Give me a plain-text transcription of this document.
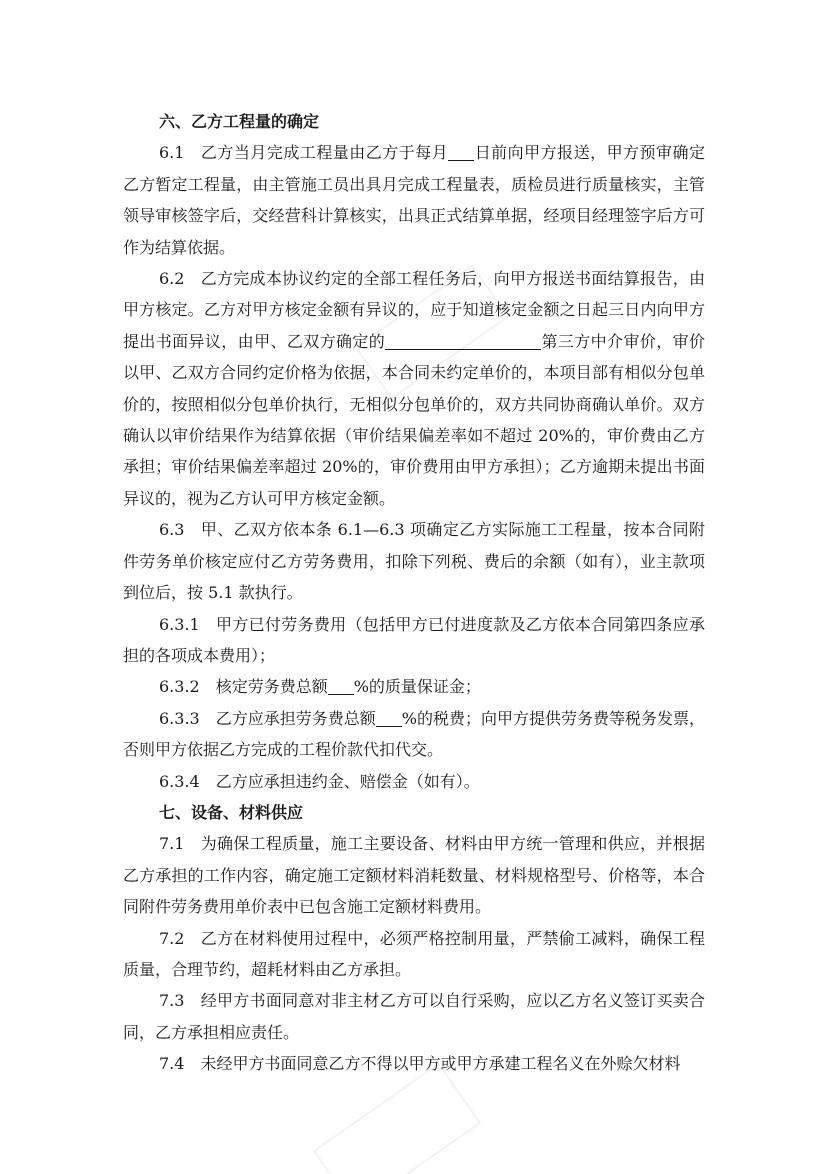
六、乙方工程量的确定

6.1 乙方当月完成工程量由乙方于每月 日前向甲方报送，甲方预审确定乙方暂定工程量，由主管施工员出具月完成工程量表，质检员进行质量核实，主管领导审核签字后，交经营科计算核实，出具正式结算单据，经项目经理签字后方可作为结算依据。

6.2 乙方完成本协议约定的全部工程任务后，向甲方报送书面结算报告，由甲方核定。乙方对甲方核定金额有异议的，应于知道核定金额之日起三日内向甲方提出书面异议，由甲、乙双方确定的	第三方中介审价，审价以甲、乙双方合同约定价格为依据，本合同未约定单价的，本项目部有相似分包单价的，按照相似分包单价执行，无相似分包单价的，双方共同协商确认单价。双方确认以审价结果作为结算依据（审价结果偏差率如不超过 20%的，审价费由乙方承担；审价结果偏差率超过 20%的，审价费用由甲方承担）；乙方逾期未提出书面异议的，视为乙方认可甲方核定金额。

6.3 甲、乙双方依本条 6.1—6.3 项确定乙方实际施工工程量，按本合同附件劳务单价核定应付乙方劳务费用，扣除下列税、费后的余额（如有），业主款项到位后，按 5.1 款执行。

6.3.1 甲方已付劳务费用（包括甲方已付进度款及乙方依本合同第四条应承担的各项成本费用）；

6.3.2 核定劳务费总额 %的质量保证金；

6.3.3 乙方应承担劳务费总额 %的税费；向甲方提供劳务费等税务发票，否则甲方依据乙方完成的工程价款代扣代交。

6.3.4 乙方应承担违约金、赔偿金（如有）。

七、设备、材料供应

7.1 为确保工程质量，施工主要设备、材料由甲方统一管理和供应，并根据乙方承担的工作内容，确定施工定额材料消耗数量、材料规格型号、价格等，本合同附件劳务费用单价表中已包含施工定额材料费用。

7.2 乙方在材料使用过程中，必须严格控制用量，严禁偷工减料，确保工程质量，合理节约，超耗材料由乙方承担。

7.3 经甲方书面同意对非主材乙方可以自行采购，应以乙方名义签订买卖合同，乙方承担相应责任。

7.4 未经甲方书面同意乙方不得以甲方或甲方承建工程名义在外赊欠材料
